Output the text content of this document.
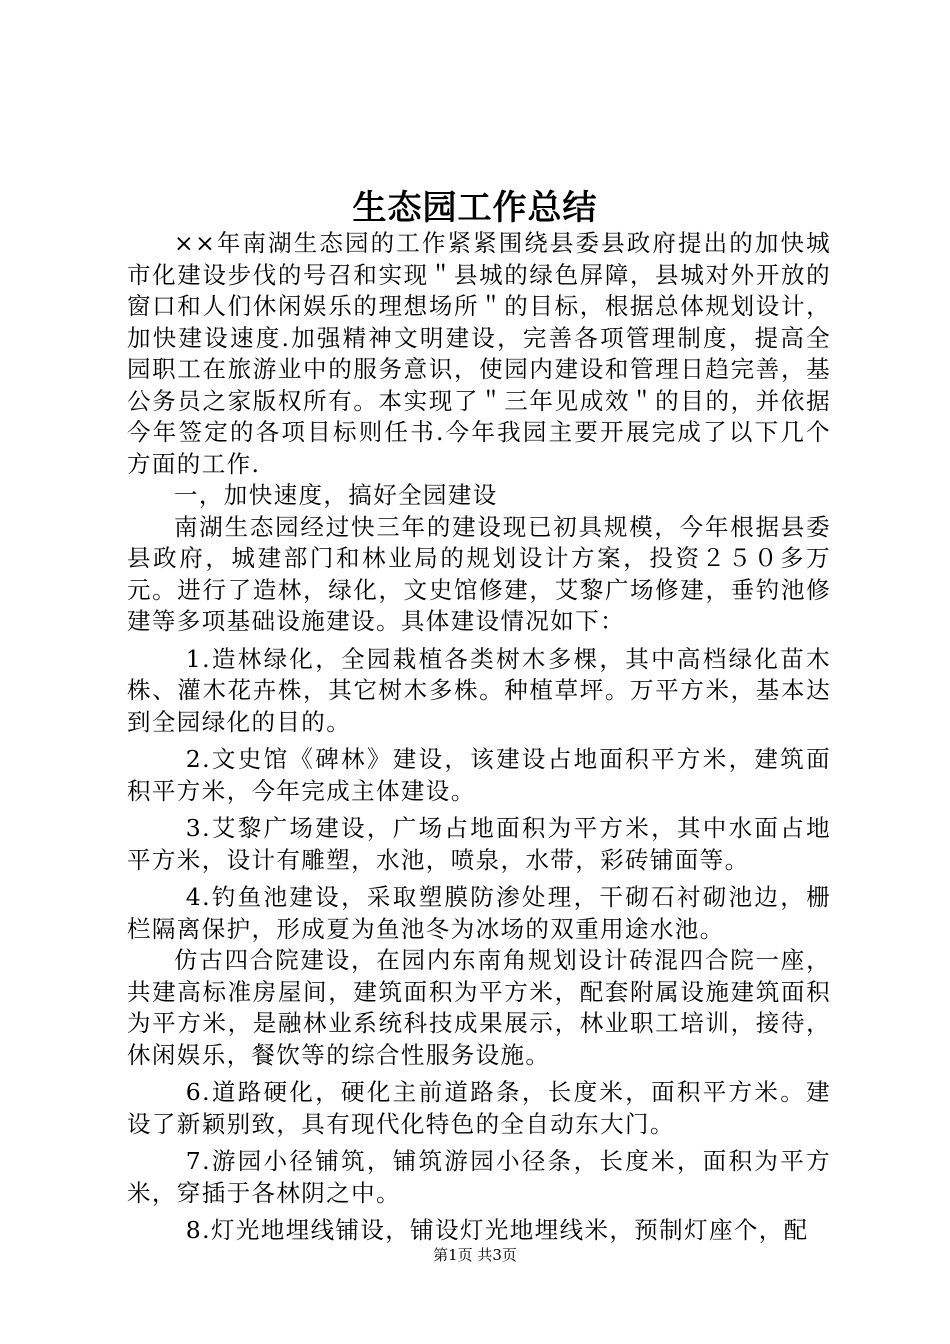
生态园工作总结

××年南湖生态园的工作紧紧围绕县委县政府提出的加快城市化建设步伐的号召和实现＂县城的绿色屏障，县城对外开放的窗口和人们休闲娱乐的理想场所＂的目标，根据总体规划设计，加快建设速度.加强精神文明建设，完善各项管理制度，提高全园职工在旅游业中的服务意识，使园内建设和管理日趋完善，基公务员之家版权所有。本实现了＂三年见成效＂的目的，并依据今年签定的各项目标则任书.今年我园主要开展完成了以下几个方面的工作.

一，加快速度，搞好全园建设

南湖生态园经过快三年的建设现已初具规模，今年根据县委县政府，城建部门和林业局的规划设计方案，投资２５０多万元。进行了造林，绿化，文史馆修建，艾黎广场修建，垂钓池修建等多项基础设施建设。具体建设情况如下：

1.造林绿化，全园栽植各类树木多棵，其中高档绿化苗木株、灌木花卉株，其它树木多株。种植草坪。万平方米，基本达到全园绿化的目的。

2.文史馆《碑林》建设，该建设占地面积平方米，建筑面积平方米，今年完成主体建设。

3.艾黎广场建设，广场占地面积为平方米，其中水面占地平方米，设计有雕塑，水池，喷泉，水带，彩砖铺面等。

4.钓鱼池建设，采取塑膜防渗处理，干砌石衬砌池边，栅栏隔离保护，形成夏为鱼池冬为冰场的双重用途水池。

仿古四合院建设，在园内东南角规划设计砖混四合院一座，共建高标准房屋间，建筑面积为平方米，配套附属设施建筑面积为平方米，是融林业系统科技成果展示，林业职工培训，接待，休闲娱乐，餐饮等的综合性服务设施。

6.道路硬化，硬化主前道路条，长度米，面积平方米。建设了新颖别致，具有现代化特色的全自动东大门。

7.游园小径铺筑，铺筑游园小径条，长度米，面积为平方米，穿插于各林阴之中。

8.灯光地埋线铺设，铺设灯光地埋线米，预制灯座个，配

第1页 共3页
